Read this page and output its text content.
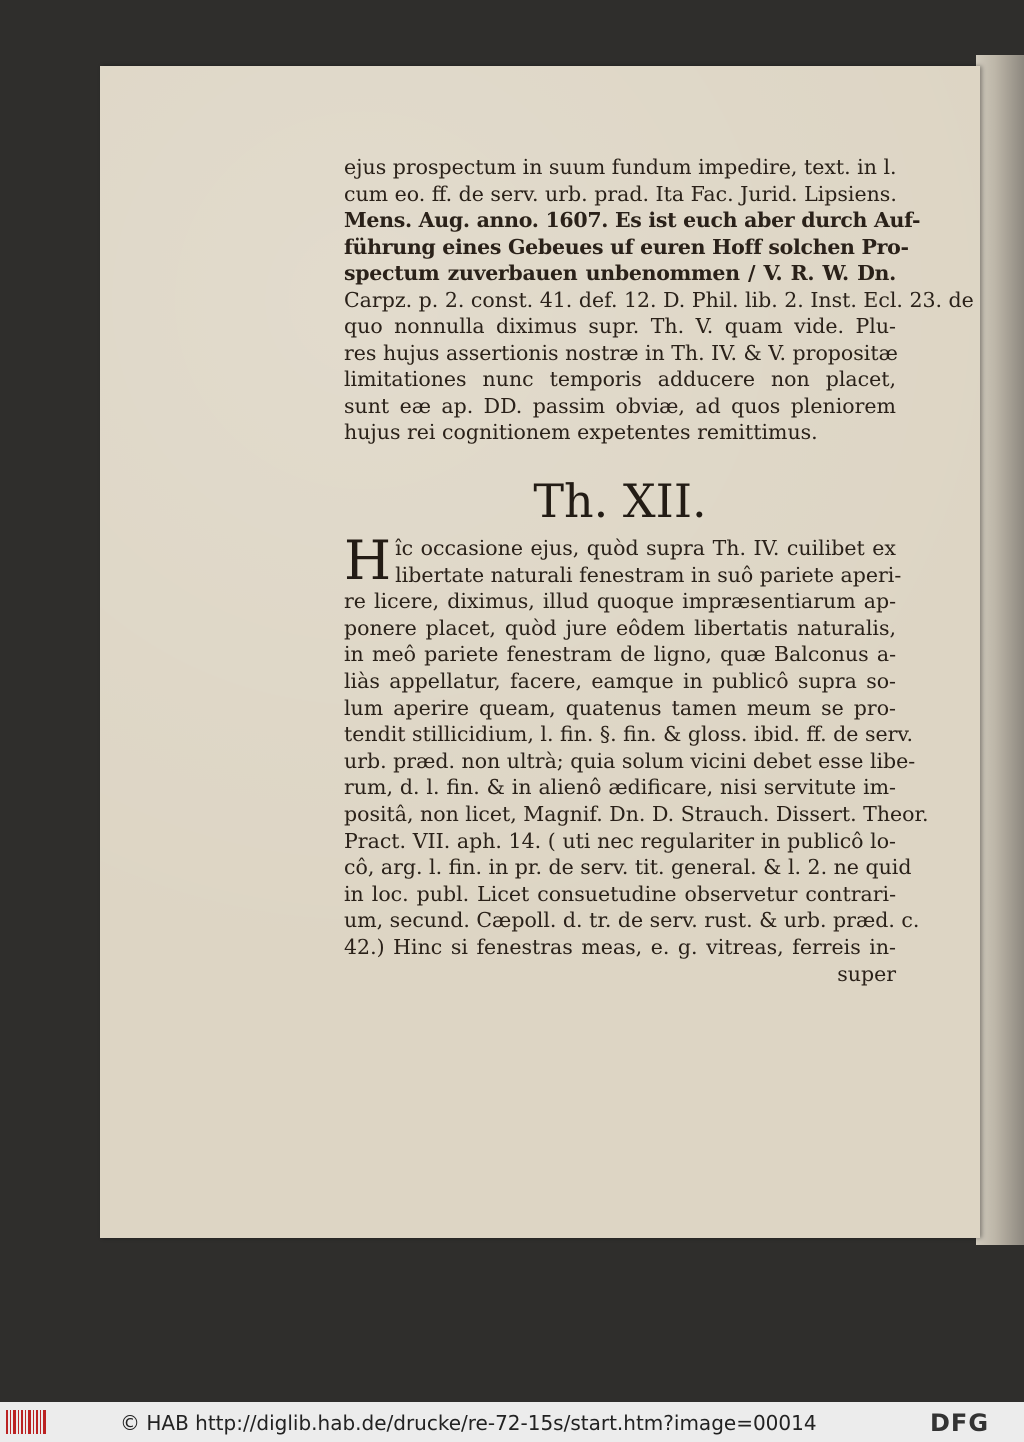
ejus prospectum in suum fundum impedire, text. in l.
cum eo. ff. de serv. urb. prad. Ita Fac. Jurid. Lipsiens.
Mens. Aug. anno. 1607. Es ist euch aber durch Auf-
führung eines Gebeues uf euren Hoff solchen Pro-
spectum zuverbauen unbenommen / V. R. W. Dn.
Carpz. p. 2. const. 41. def. 12. D. Phil. lib. 2. Inst. Ecl. 23. de
quo nonnulla diximus supr. Th. V. quam vide. Plu-
res hujus assertionis nostræ in Th. IV. & V. propositæ
limitationes nunc temporis adducere non placet,
sunt eæ ap. DD. passim obviæ, ad quos pleniorem
hujus rei cognitionem expetentes remittimus.
Th. XII.
H îc occasione ejus, quòd supra Th. IV. cuilibet ex
libertate naturali fenestram in suô pariete aperi-
re licere, diximus, illud quoque impræsentiarum ap-
ponere placet, quòd jure eôdem libertatis naturalis,
in meô pariete fenestram de ligno, quæ Balconus a-
liàs appellatur, facere, eamque in publicô supra so-
lum aperire queam, quatenus tamen meum se pro-
tendit stillicidium, l. fin. §. fin. & gloss. ibid. ff. de serv.
urb. præd. non ultrà; quia solum vicini debet esse libe-
rum, d. l. fin. & in alienô ædificare, nisi servitute im-
positâ, non licet, Magnif. Dn. D. Strauch. Dissert. Theor.
Pract. VII. aph. 14. ( uti nec regulariter in publicô lo-
cô, arg. l. fin. in pr. de serv. tit. general. & l. 2. ne quid
in loc. publ. Licet consuetudine observetur contrari-
um, secund. Cæpoll. d. tr. de serv. rust. & urb. præd. c.
42.) Hinc si fenestras meas, e. g. vitreas, ferreis in-
super
© HAB http://diglib.hab.de/drucke/re-72-15s/start.htm?image=00014	DFG
